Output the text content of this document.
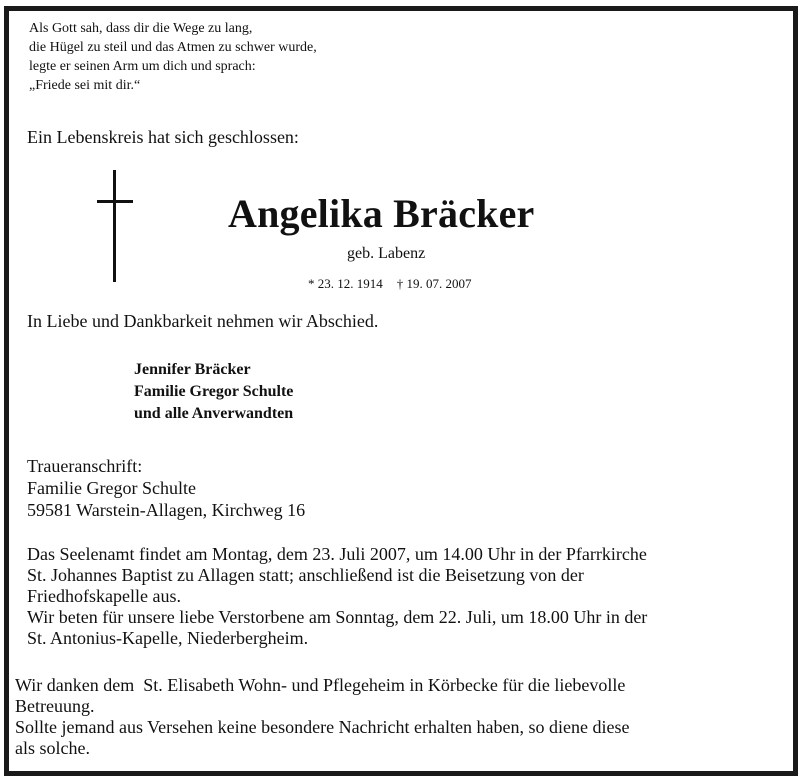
Als Gott sah, dass dir die Wege zu lang,
die Hügel zu steil und das Atmen zu schwer wurde,
legte er seinen Arm um dich und sprach:
„Friede sei mit dir.“
Ein Lebenskreis hat sich geschlossen:
Angelika Bräcker
geb. Labenz
* 23. 12. 1914 † 19. 07. 2007
In Liebe und Dankbarkeit nehmen wir Abschied.
Jennifer Bräcker
Familie Gregor Schulte
und alle Anverwandten
Traueranschrift:
Familie Gregor Schulte
59581 Warstein-Allagen, Kirchweg 16
Das Seelenamt findet am Montag, dem 23. Juli 2007, um 14.00 Uhr in der Pfarrkirche
St. Johannes Baptist zu Allagen statt; anschließend ist die Beisetzung von der
Friedhofskapelle aus.
Wir beten für unsere liebe Verstorbene am Sonntag, dem 22. Juli, um 18.00 Uhr in der
St. Antonius-Kapelle, Niederbergheim.
Wir danken dem  St. Elisabeth Wohn- und Pflegeheim in Körbecke für die liebevolle
Betreuung.
Sollte jemand aus Versehen keine besondere Nachricht erhalten haben, so diene diese
als solche.
